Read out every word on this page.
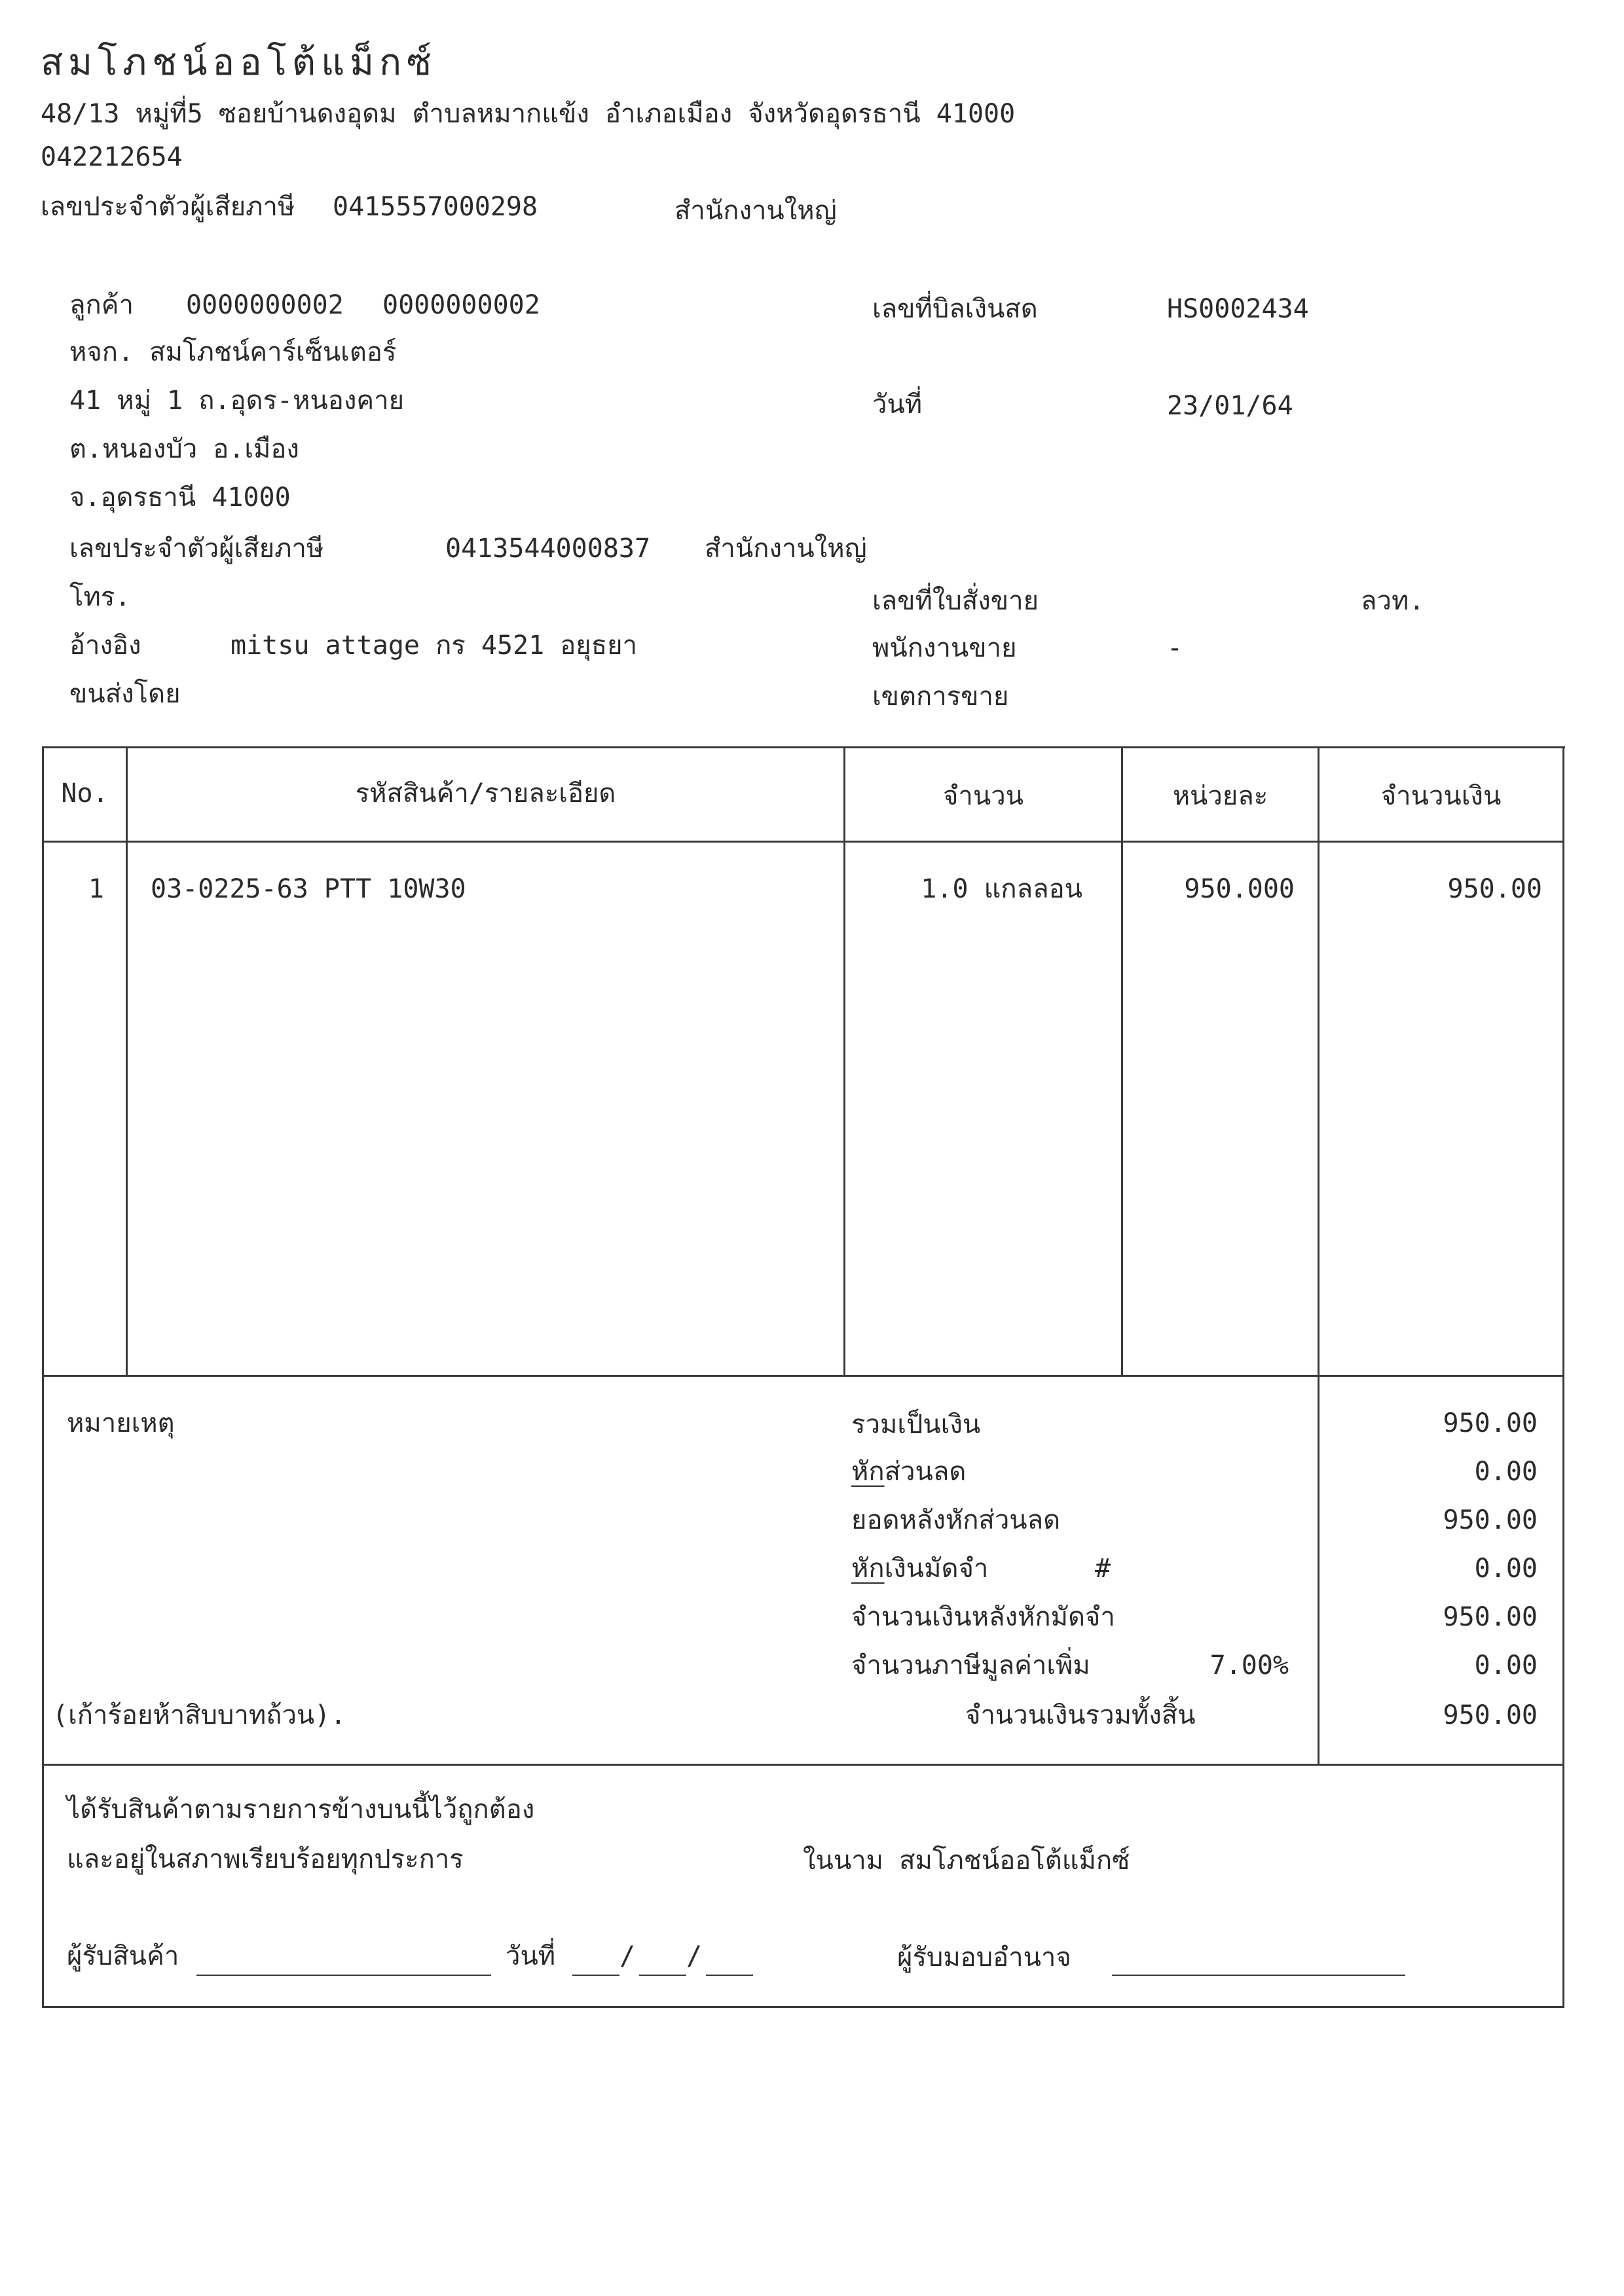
สมโภชน์ออโต้แม็กซ์
48/13 หมู่ที่5 ซอยบ้านดงอุดม ตำบลหมากแข้ง อำเภอเมือง จังหวัดอุดรธานี 41000
042212654
เลขประจำตัวผู้เสียภาษี 0415557000298	สำนักงานใหญ่
ลูกค้า 0000000002 0000000002
หจก. สมโภชน์คาร์เซ็นเตอร์
41 หมู่ 1 ถ.อุดร-หนองคาย
ต.หนองบัว อ.เมือง
จ.อุดรธานี 41000
เลขประจำตัวผู้เสียภาษี	0413544000837 สำนักงานใหญ่
โทร.
อ้างอิง	mitsu attage กร 4521 อยุธยา
ขนส่งโดย
เลขที่บิลเงินสด	HS0002434
วันที่	23/01/64
เลขที่ใบสั่งขาย	ลวท.
พนักงานขาย	-
เขตการขาย
No.	รหัสสินค้า/รายละเอียด	จำนวน	หน่วยละ	จำนวนเงิน
1 03-0225-63 PTT 10W30	1.0 แกลลอน	950.000	950.00
หมายเหตุ
(เก้าร้อยห้าสิบบาทถ้วน).
รวมเป็นเงิน	950.00
หักส่วนลด	0.00
ยอดหลังหักส่วนลด	950.00
หักเงินมัดจำ	#	0.00
จำนวนเงินหลังหักมัดจำ	950.00
จำนวนภาษีมูลค่าเพิ่ม	7.00%	0.00
จำนวนเงินรวมทั้งสิ้น	950.00
ได้รับสินค้าตามรายการข้างบนนี้ไว้ถูกต้อง
และอยู่ในสภาพเรียบร้อยทุกประการ	ในนาม สมโภชน์ออโต้แม็กซ์
ผู้รับสินค้า	วันที่ / /	ผู้รับมอบอำนาจ
